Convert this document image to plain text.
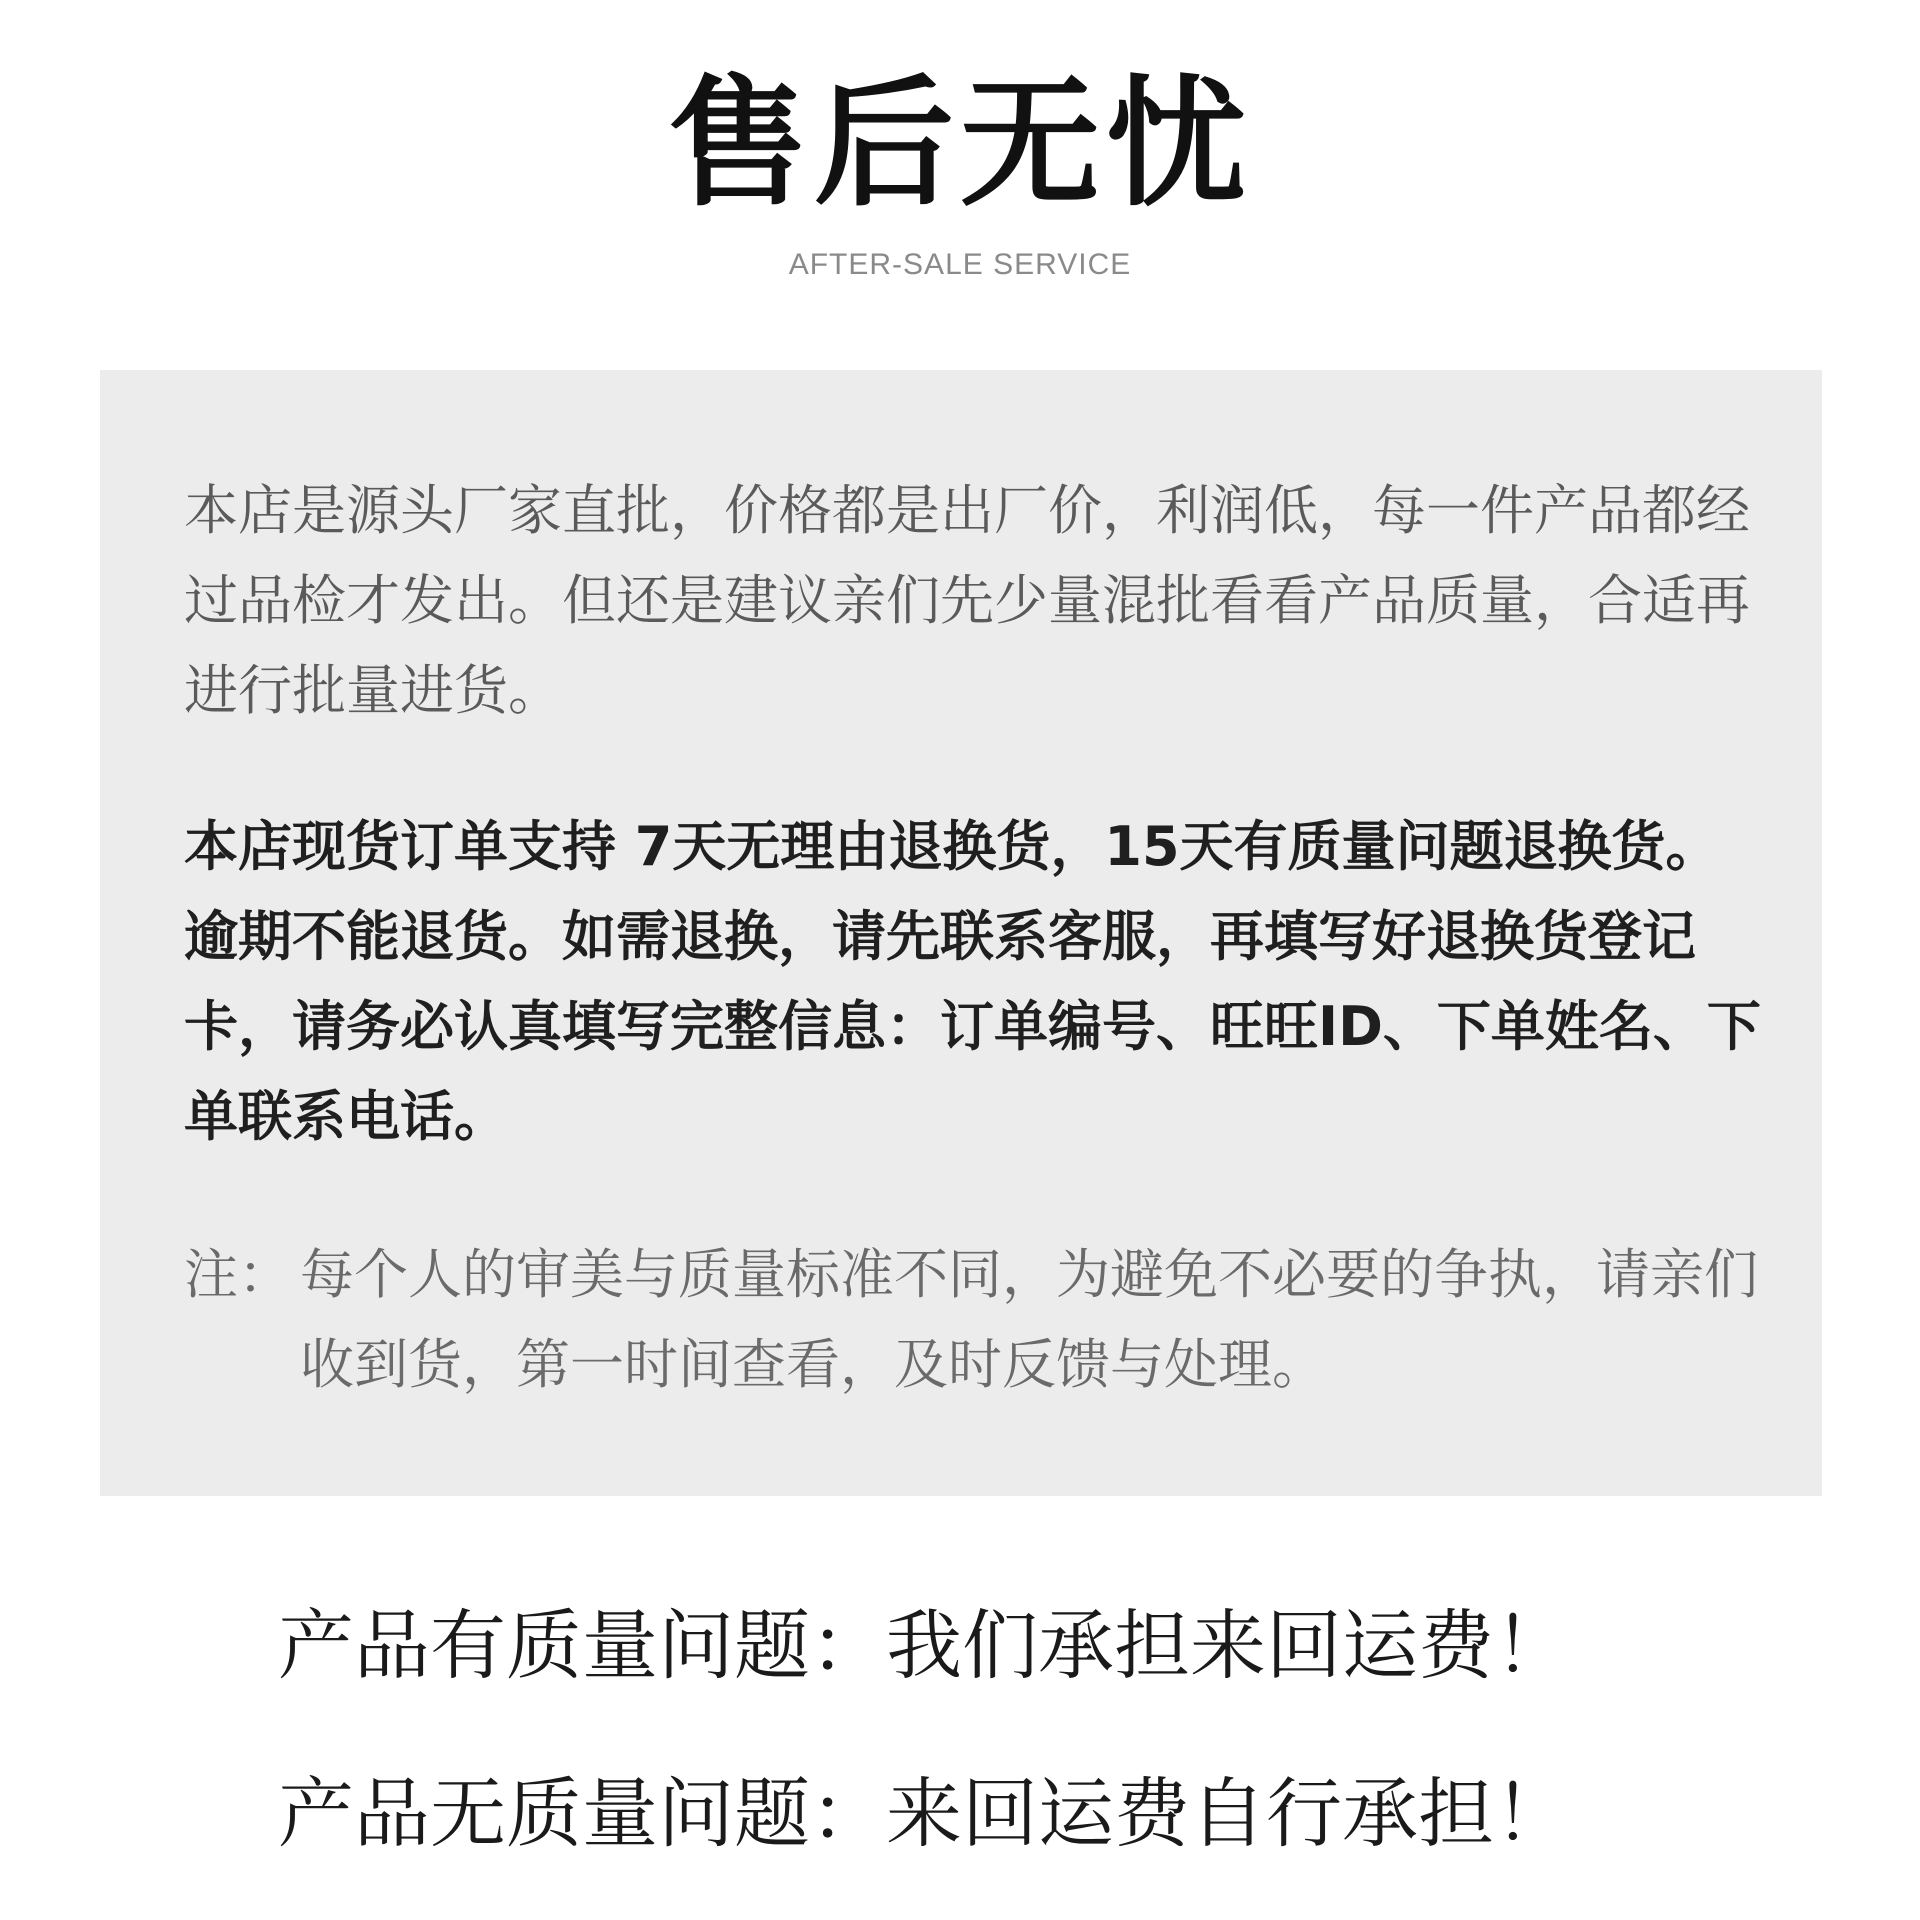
售后无忧
AFTER-SALE SERVICE
本店是源头厂家直批，价格都是出厂价，利润低，每一件产品都经过品检才发出。但还是建议亲们先少量混批看看产品质量，合适再进行批量进货。
本店现货订单支持 7天无理由退换货，15天有质量问题退换货。逾期不能退货。如需退换，请先联系客服，再填写好退换货登记卡，请务必认真填写完整信息：订单编号、旺旺ID、下单姓名、下单联系电话。
注： 每个人的审美与质量标准不同，为避免不必要的争执，请亲们收到货，第一时间查看，及时反馈与处理。
产品有质量问题：我们承担来回运费！
产品无质量问题：来回运费自行承担！
